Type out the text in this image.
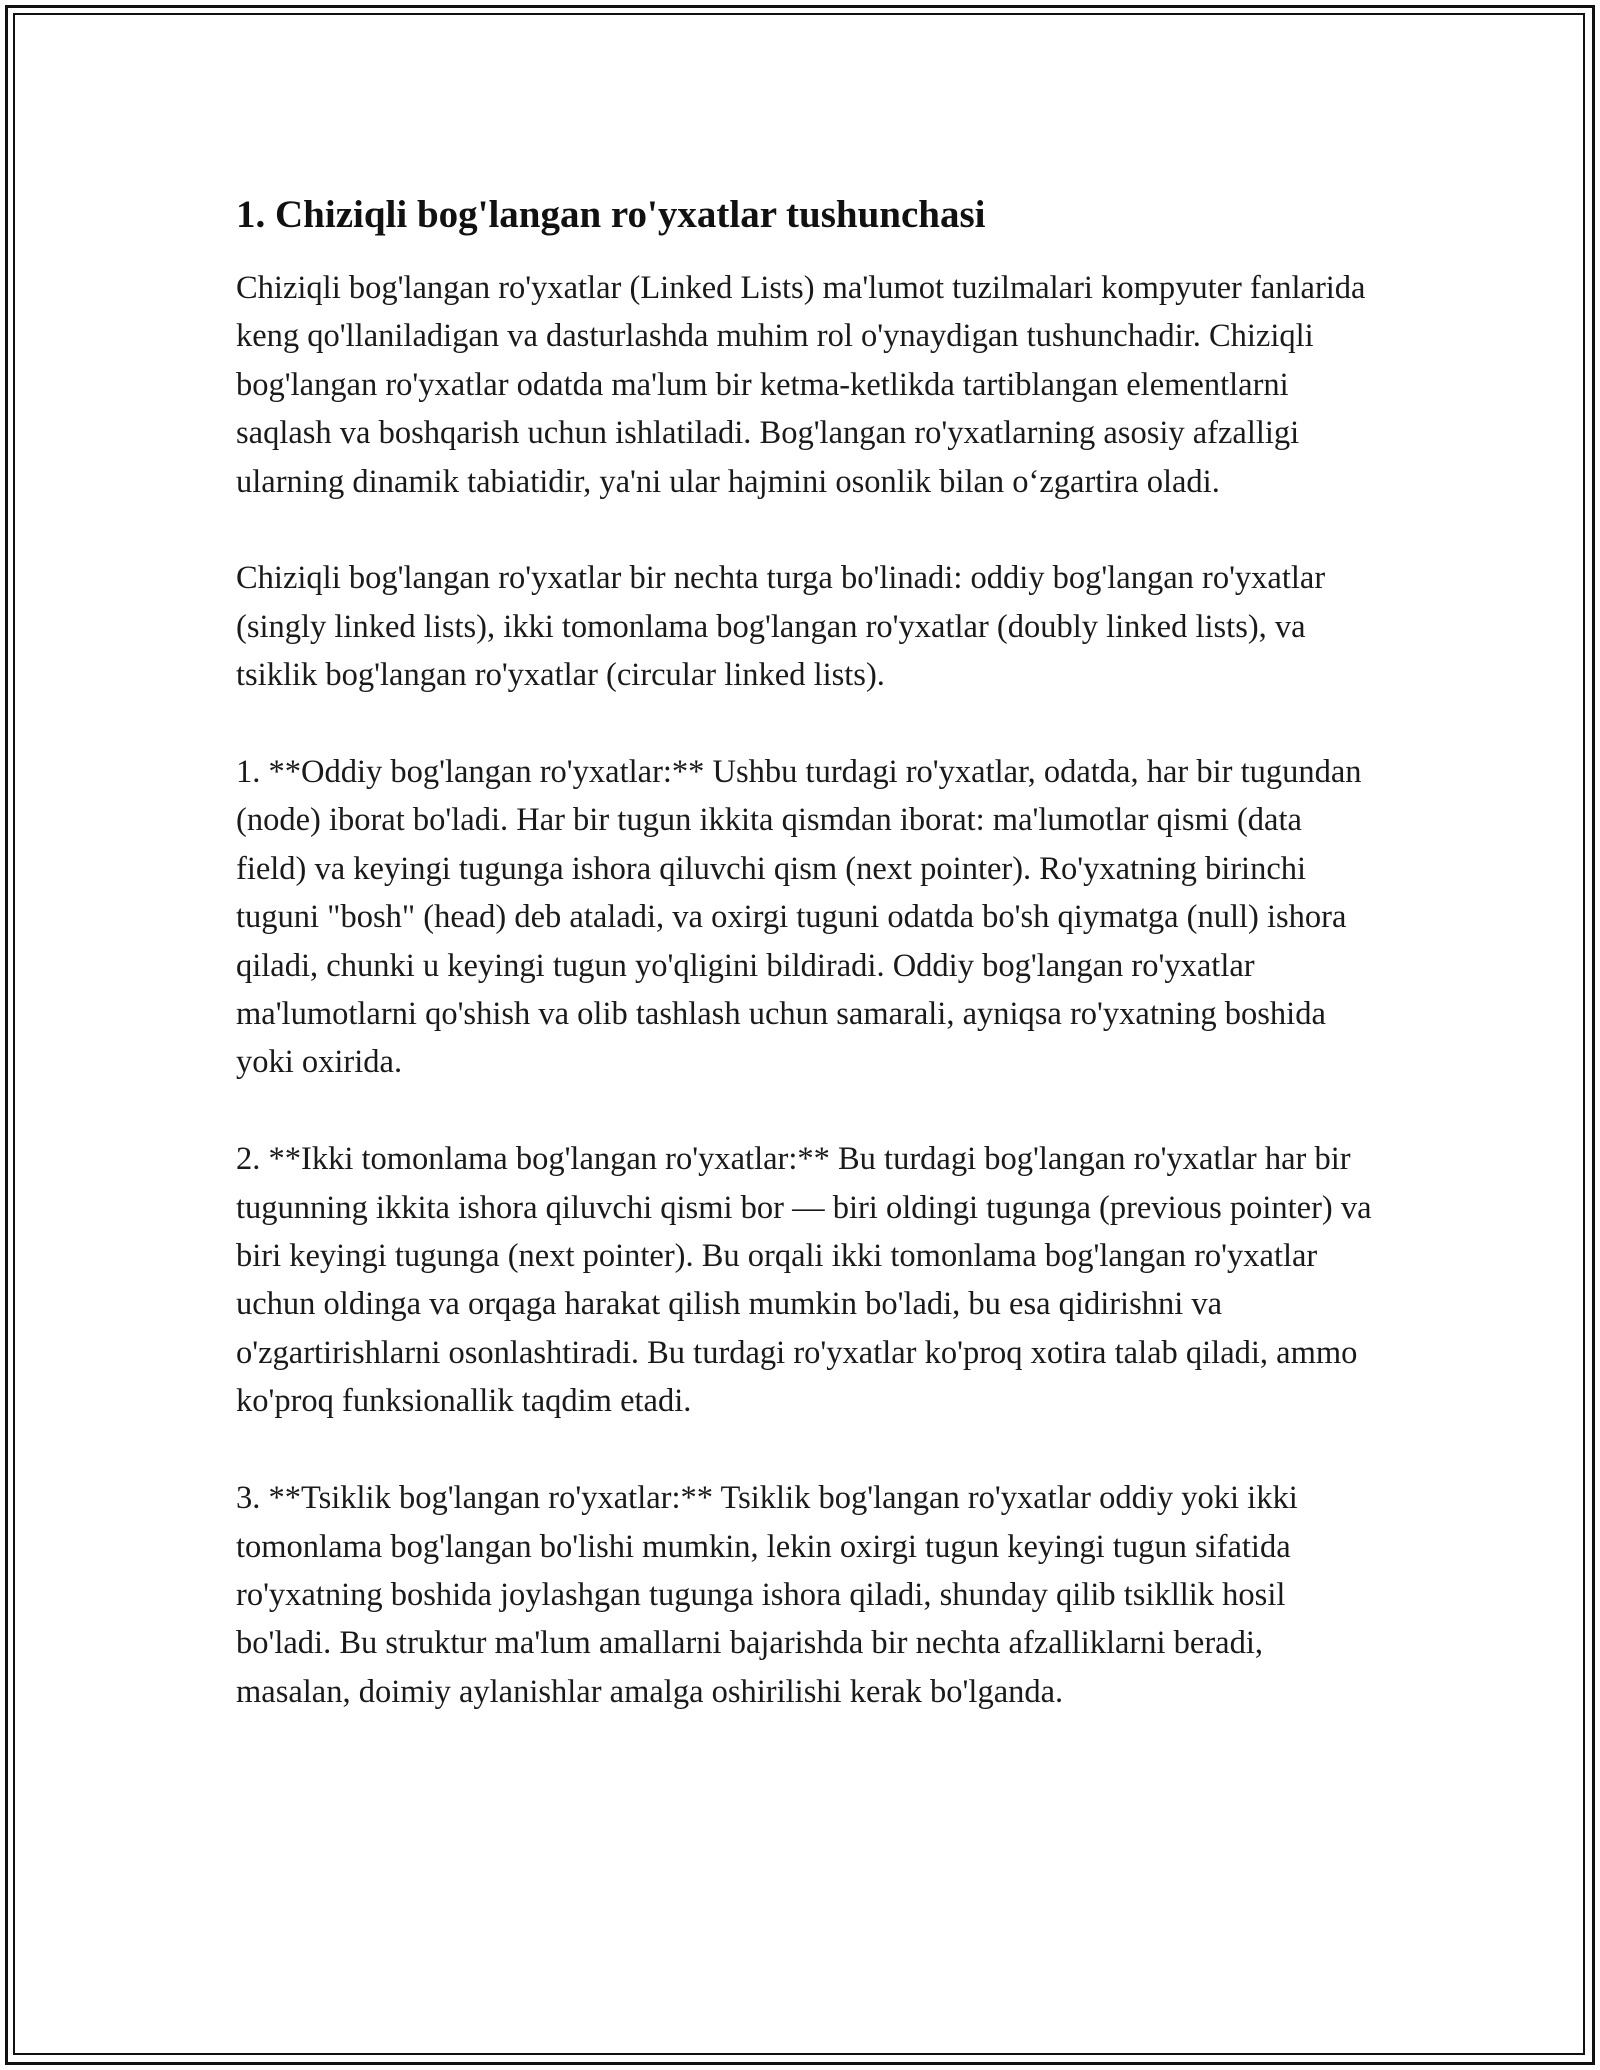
1. Chiziqli bog'langan ro'yxatlar tushunchasi

Chiziqli bog'langan ro'yxatlar (Linked Lists) ma'lumot tuzilmalari kompyuter fanlarida keng qo'llaniladigan va dasturlashda muhim rol o'ynaydigan tushunchadir. Chiziqli bog'langan ro'yxatlar odatda ma'lum bir ketma-ketlikda tartiblangan elementlarni saqlash va boshqarish uchun ishlatiladi. Bog'langan ro'yxatlarning asosiy afzalligi ularning dinamik tabiatidir, ya'ni ular hajmini osonlik bilan o‘zgartira oladi.

Chiziqli bog'langan ro'yxatlar bir nechta turga bo'linadi: oddiy bog'langan ro'yxatlar (singly linked lists), ikki tomonlama bog'langan ro'yxatlar (doubly linked lists), va tsiklik bog'langan ro'yxatlar (circular linked lists).

1. **Oddiy bog'langan ro'yxatlar:** Ushbu turdagi ro'yxatlar, odatda, har bir tugundan (node) iborat bo'ladi. Har bir tugun ikkita qismdan iborat: ma'lumotlar qismi (data field) va keyingi tugunga ishora qiluvchi qism (next pointer). Ro'yxatning birinchi tuguni "bosh" (head) deb ataladi, va oxirgi tuguni odatda bo'sh qiymatga (null) ishora qiladi, chunki u keyingi tugun yo'qligini bildiradi. Oddiy bog'langan ro'yxatlar ma'lumotlarni qo'shish va olib tashlash uchun samarali, ayniqsa ro'yxatning boshida yoki oxirida.

2. **Ikki tomonlama bog'langan ro'yxatlar:** Bu turdagi bog'langan ro'yxatlar har bir tugunning ikkita ishora qiluvchi qismi bor — biri oldingi tugunga (previous pointer) va biri keyingi tugunga (next pointer). Bu orqali ikki tomonlama bog'langan ro'yxatlar uchun oldinga va orqaga harakat qilish mumkin bo'ladi, bu esa qidirishni va o'zgartirishlarni osonlashtiradi. Bu turdagi ro'yxatlar ko'proq xotira talab qiladi, ammo ko'proq funksionallik taqdim etadi.

3. **Tsiklik bog'langan ro'yxatlar:** Tsiklik bog'langan ro'yxatlar oddiy yoki ikki tomonlama bog'langan bo'lishi mumkin, lekin oxirgi tugun keyingi tugun sifatida ro'yxatning boshida joylashgan tugunga ishora qiladi, shunday qilib tsikllik hosil bo'ladi. Bu struktur ma'lum amallarni bajarishda bir nechta afzalliklarni beradi, masalan, doimiy aylanishlar amalga oshirilishi kerak bo'lganda.
